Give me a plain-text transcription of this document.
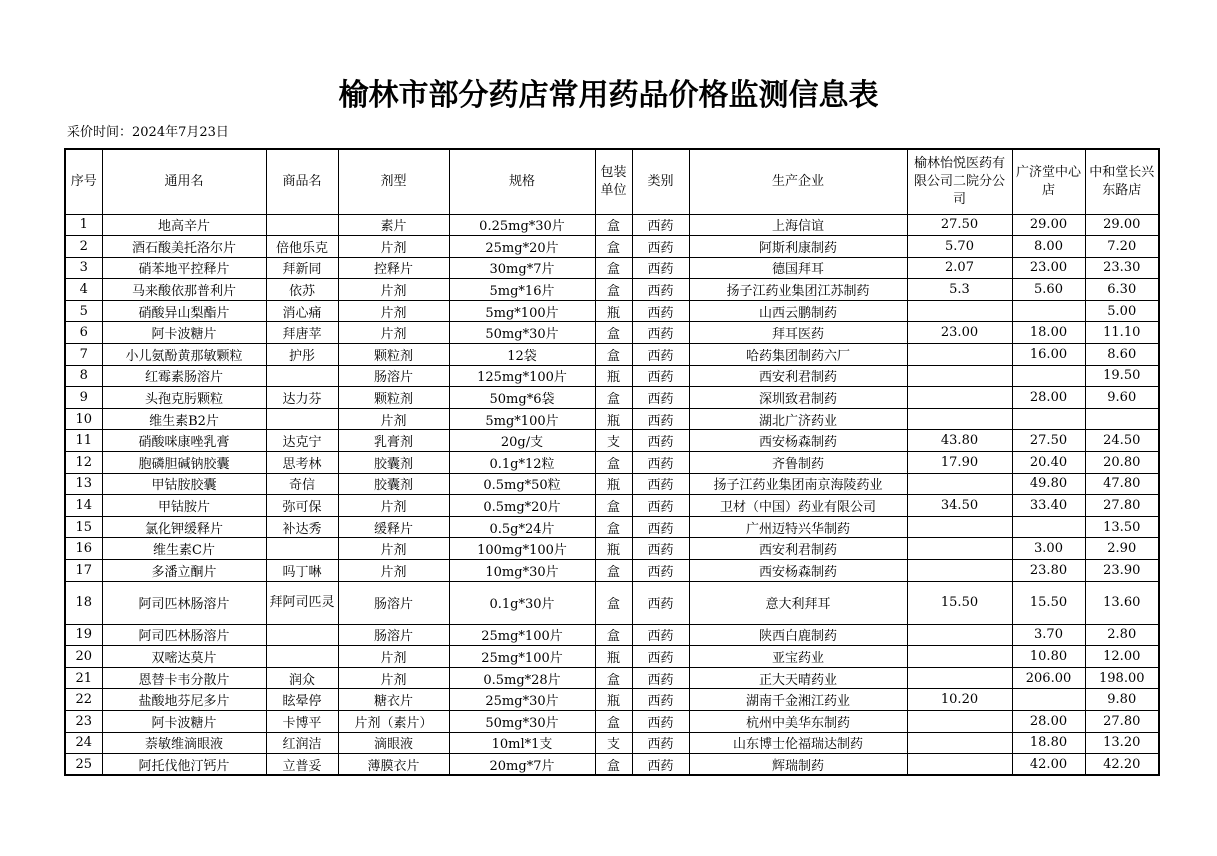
榆林市部分药店常用药品价格监测信息表
采价时间：2024年7月23日
序号	通用名	商品名	剂型	规格	包装单位	类别	生产企业	榆林怡悦医药有限公司二院分公司	广济堂中心店	中和堂长兴东路店
1	地高辛片		素片	0.25mg*30片	盒	西药	上海信谊	27.50	29.00	29.00
2	酒石酸美托洛尔片	倍他乐克	片剂	25mg*20片	盒	西药	阿斯利康制药	5.70	8.00	7.20
3	硝苯地平控释片	拜新同	控释片	30mg*7片	盒	西药	德国拜耳	2.07	23.00	23.30
4	马来酸依那普利片	依苏	片剂	5mg*16片	盒	西药	扬子江药业集团江苏制药	5.3	5.60	6.30
5	硝酸异山梨酯片	消心痛	片剂	5mg*100片	瓶	西药	山西云鹏制药			5.00
6	阿卡波糖片	拜唐苹	片剂	50mg*30片	盒	西药	拜耳医药	23.00	18.00	11.10
7	小儿氨酚黄那敏颗粒	护彤	颗粒剂	12袋	盒	西药	哈药集团制药六厂		16.00	8.60
8	红霉素肠溶片		肠溶片	125mg*100片	瓶	西药	西安利君制药			19.50
9	头孢克肟颗粒	达力芬	颗粒剂	50mg*6袋	盒	西药	深圳致君制药		28.00	9.60
10	维生素B2片		片剂	5mg*100片	瓶	西药	湖北广济药业			
11	硝酸咪康唑乳膏	达克宁	乳膏剂	20g/支	支	西药	西安杨森制药	43.80	27.50	24.50
12	胞磷胆碱钠胶囊	思考林	胶囊剂	0.1g*12粒	盒	西药	齐鲁制药	17.90	20.40	20.80
13	甲钴胺胶囊	奇信	胶囊剂	0.5mg*50粒	瓶	西药	扬子江药业集团南京海陵药业		49.80	47.80
14	甲钴胺片	弥可保	片剂	0.5mg*20片	盒	西药	卫材（中国）药业有限公司	34.50	33.40	27.80
15	氯化钾缓释片	补达秀	缓释片	0.5g*24片	盒	西药	广州迈特兴华制药			13.50
16	维生素C片		片剂	100mg*100片	瓶	西药	西安利君制药		3.00	2.90
17	多潘立酮片	吗丁啉	片剂	10mg*30片	盒	西药	西安杨森制药		23.80	23.90
18	阿司匹林肠溶片	拜阿司匹灵	肠溶片	0.1g*30片	盒	西药	意大利拜耳	15.50	15.50	13.60
19	阿司匹林肠溶片		肠溶片	25mg*100片	盒	西药	陕西白鹿制药		3.70	2.80
20	双嘧达莫片		片剂	25mg*100片	瓶	西药	亚宝药业		10.80	12.00
21	恩替卡韦分散片	润众	片剂	0.5mg*28片	盒	西药	正大天晴药业		206.00	198.00
22	盐酸地芬尼多片	眩晕停	糖衣片	25mg*30片	瓶	西药	湖南千金湘江药业	10.20		9.80
23	阿卡波糖片	卡博平	片剂（素片）	50mg*30片	盒	西药	杭州中美华东制药		28.00	27.80
24	萘敏维滴眼液	红润洁	滴眼液	10ml*1支	支	西药	山东博士伦福瑞达制药		18.80	13.20
25	阿托伐他汀钙片	立普妥	薄膜衣片	20mg*7片	盒	西药	辉瑞制药		42.00	42.20
